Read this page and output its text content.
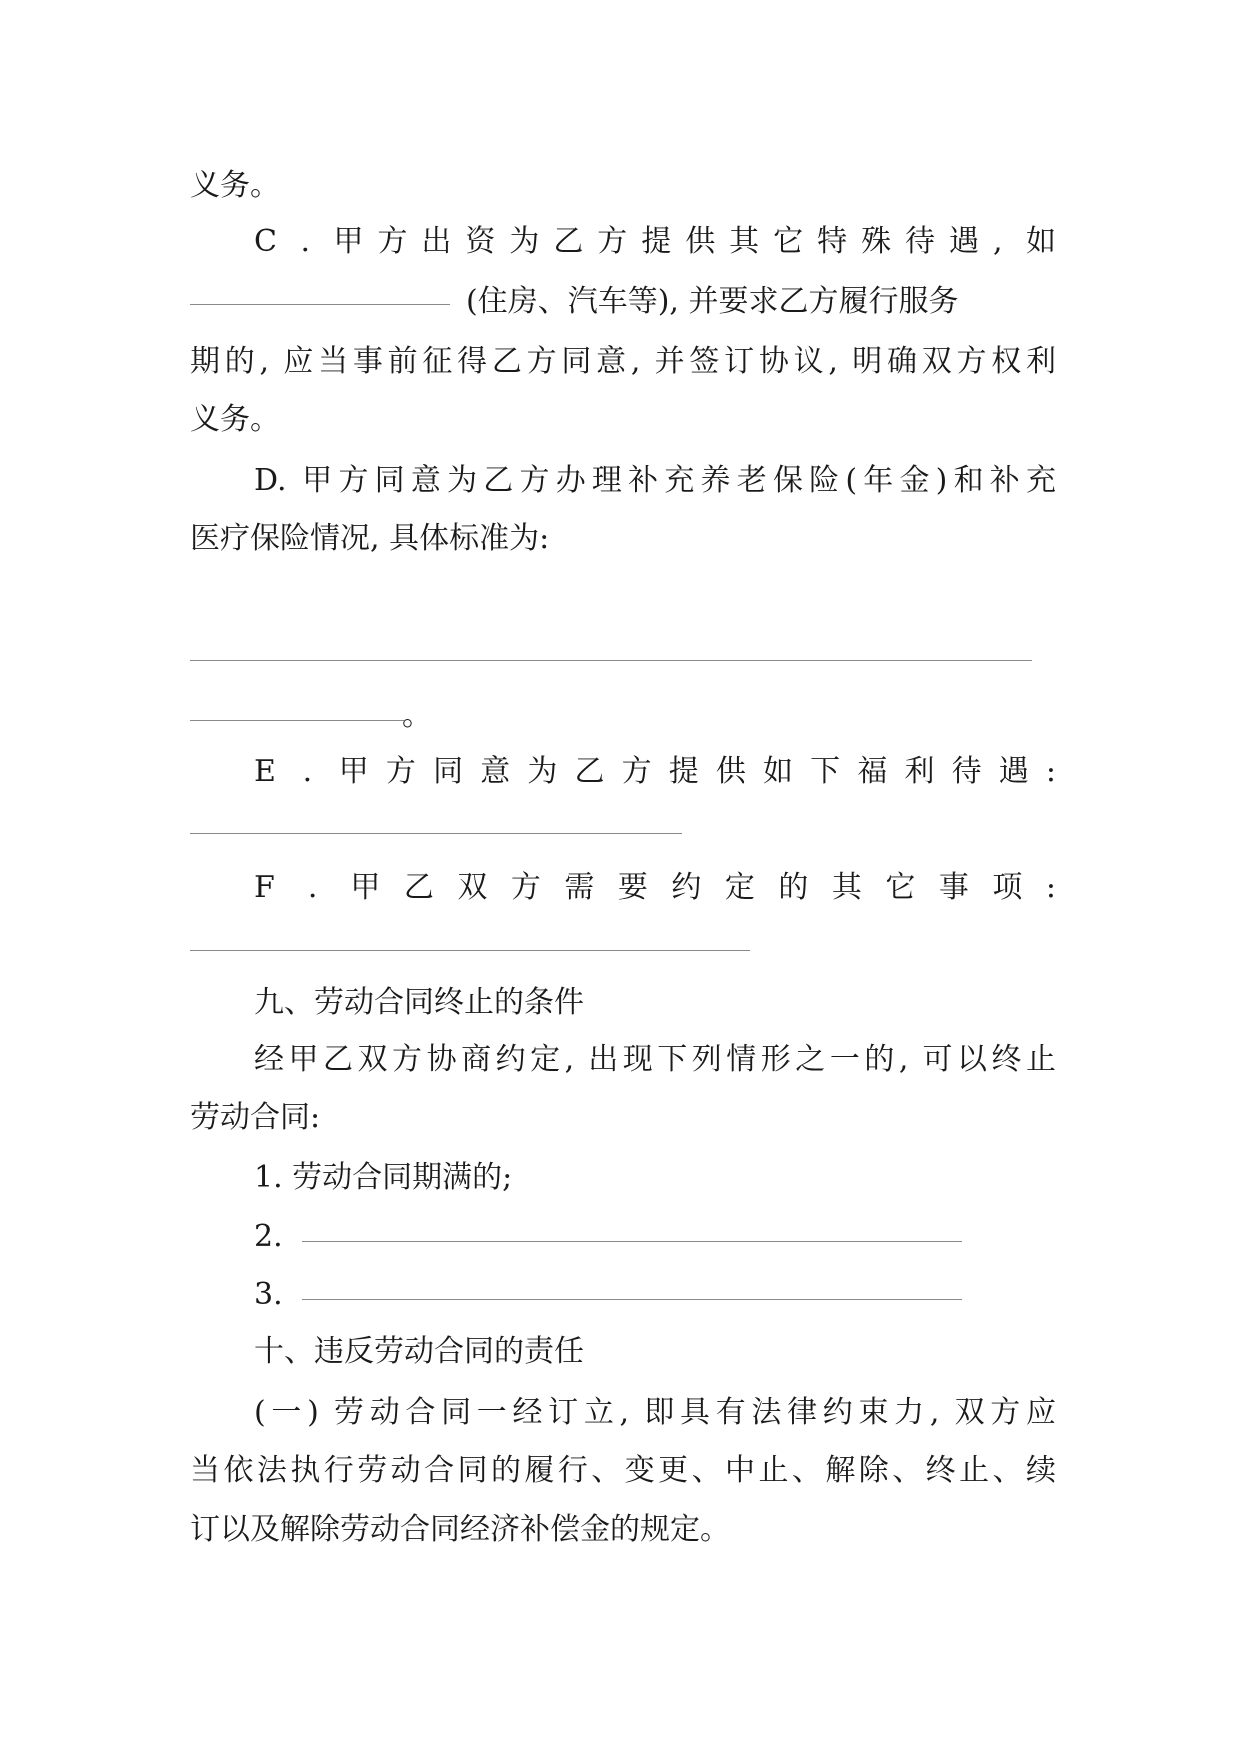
义务。
C . 甲方出资为乙方提供其它特殊待遇, 如
(住房、汽车等), 并要求乙方履行服务
期的, 应当事前征得乙方同意, 并签订协议, 明确双方权利
义务。
D. 甲方同意为乙方办理补充养老保险(年金)和补充
医疗保险情况, 具体标准为:
。
E . 甲方同意为乙方提供如下福利待遇:
F . 甲乙双方需要约定的其它事项:
九、劳动合同终止的条件
经甲乙双方协商约定, 出现下列情形之一的, 可以终止
劳动合同:
1. 劳动合同期满的;
2.
3.
十、违反劳动合同的责任
(一) 劳动合同一经订立, 即具有法律约束力, 双方应
当依法执行劳动合同的履行、变更、中止、解除、终止、续
订以及解除劳动合同经济补偿金的规定。
